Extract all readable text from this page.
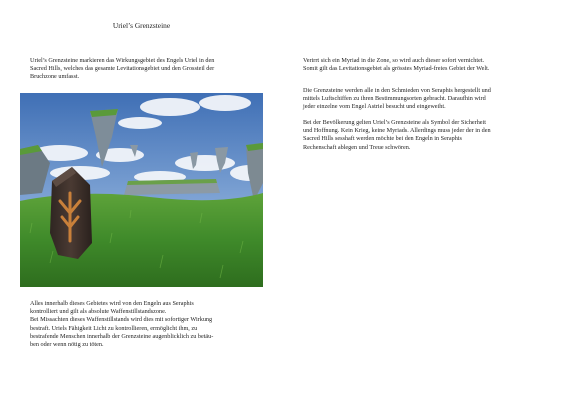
Uriel’s Grenzsteine

Uriel’s Grenzsteine markieren das Wirkungsgebiet des Engels Uriel in den
Sacred Hills, welches das gesamte Levitationsgebiet und den Grossteil der
Bruchzone umfasst.

Alles innerhalb dieses Gebietes wird von den Engeln aus Seraphis
kontrolliert und gilt als absolute Waffenstillstandszone.
Bei Missachten dieses Waffenstillstands wird dies mit sofortiger Wirkung
bestraft. Uriels Fähigkeit Licht zu kontrollieren, ermöglicht ihm, zu
bestrafende Menschen innerhalb der Grenzsteine augenblicklich zu betäu-
ben oder wenn nötig zu töten.

Verirrt sich ein Myriad in die Zone, so wird auch dieser sofort vernichtet.
Somit gilt das Levitationsgebiet als grösstes Myriad-freies Gebiet der Welt.

Die Grenzsteine werden alle in den Schmieden von Seraphis hergestellt und
mittels Luftschiffen zu ihren Bestimmungsorten gebracht. Daraufhin wird
jeder einzelne vom Engel Astriel besucht und eingeweiht.

Bei der Bevölkerung gelten Uriel’s Grenzsteine als Symbol der Sicherheit
und Hoffnung. Kein Krieg, keine Myriads. Allerdings muss jeder der in den
Sacred Hills sesshaft werden möchte bei den Engeln in Seraphis
Rechenschaft ablegen und Treue schwören.
